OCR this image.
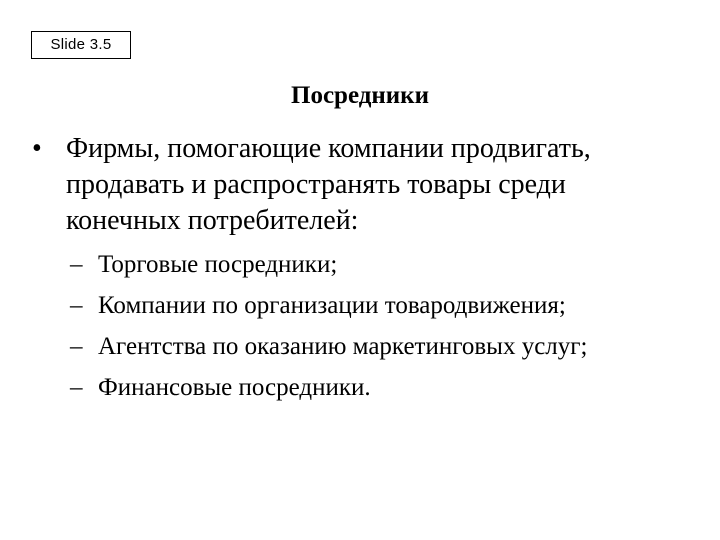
Slide 3.5
Посредники
• Фирмы, помогающие компании продвигать, продавать и распространять товары среди конечных потребителей:
– Торговые посредники;
– Компании по организации товародвижения;
– Агентства по оказанию маркетинговых услуг;
– Финансовые посредники.
